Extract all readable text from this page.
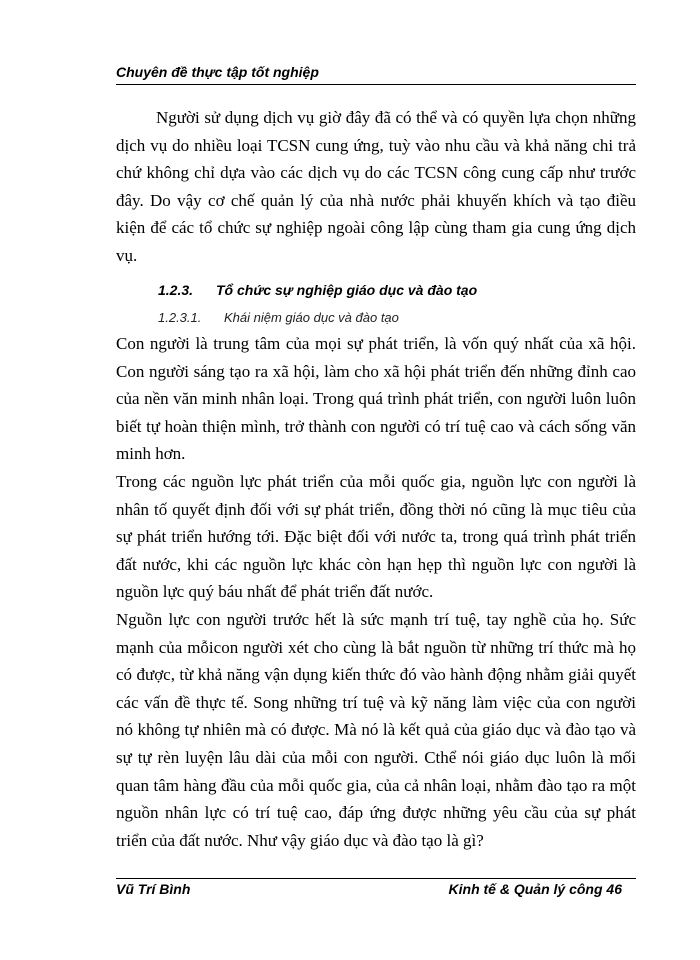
Chuyên đề thực tập tốt nghiệp

Người sử dụng dịch vụ giờ đây đã có thể và có quyền lựa chọn những dịch vụ do nhiều loại TCSN cung ứng, tuỳ vào nhu cầu và khả năng chi trả chứ không chỉ dựa vào các dịch vụ do các TCSN công cung cấp như trước đây. Do vậy cơ chế quản lý của nhà nước phải khuyến khích và tạo điều kiện để các tổ chức sự nghiệp ngoài công lập cùng tham gia cung ứng dịch vụ.

1.2.3. Tổ chức sự nghiệp giáo dục và đào tạo
1.2.3.1. Khái niệm giáo dục và đào tạo

Con người là trung tâm của mọi sự phát triển, là vốn quý nhất của xã hội. Con người sáng tạo ra xã hội, làm cho xã hội phát triển đến những đỉnh cao của nền văn minh nhân loại. Trong quá trình phát triển, con người luôn luôn biết tự hoàn thiện mình, trở thành con người có trí tuệ cao và cách sống văn minh hơn.

Trong các nguồn lực phát triển của mỗi quốc gia, nguồn lực con người là nhân tố quyết định đối với sự phát triển, đồng thời nó cũng là mục tiêu của sự phát triển hướng tới. Đặc biệt đối với nước ta, trong quá trình phát triển đất nước, khi các nguồn lực khác còn hạn hẹp thì nguồn lực con người là nguồn lực quý báu nhất để phát triển đất nước.

Nguồn lực con người trước hết là sức mạnh trí tuệ, tay nghề của họ. Sức mạnh của mỗicon người xét cho cùng là bắt nguồn từ những trí thức mà họ có được, từ khả năng vận dụng kiến thức đó vào hành động nhằm giải quyết các vấn đề thực tế. Song những trí tuệ và kỹ năng làm việc của con người nó không tự nhiên mà có được. Mà nó là kết quả của giáo dục và đào tạo và sự tự rèn luyện lâu dài của mỗi con người. Cthể nói giáo dục luôn là mối quan tâm hàng đầu của mỗi quốc gia, của cả nhân loại, nhằm đào tạo ra một nguồn nhân lực có trí tuệ cao, đáp ứng được những yêu cầu của sự phát triển của đất nước. Như vậy giáo dục và đào tạo là gì?

Vũ Trí Bình	Kinh tế & Quản lý công 46
